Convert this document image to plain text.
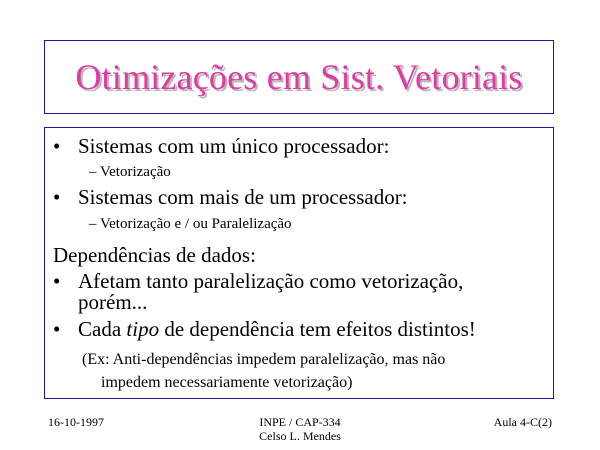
Otimizações em Sist. Vetoriais
• Sistemas com um único processador:
– Vetorização
• Sistemas com mais de um processador:
– Vetorização e / ou Paralelização
Dependências de dados:
• Afetam tanto paralelização como vetorização,
porém...
• Cada tipo de dependência tem efeitos distintos!
(Ex: Anti-dependências impedem paralelização, mas não
impedem necessariamente vetorização)
16-10-1997	INPE / CAP-334
Celso L. Mendes
Aula 4-C(2)
